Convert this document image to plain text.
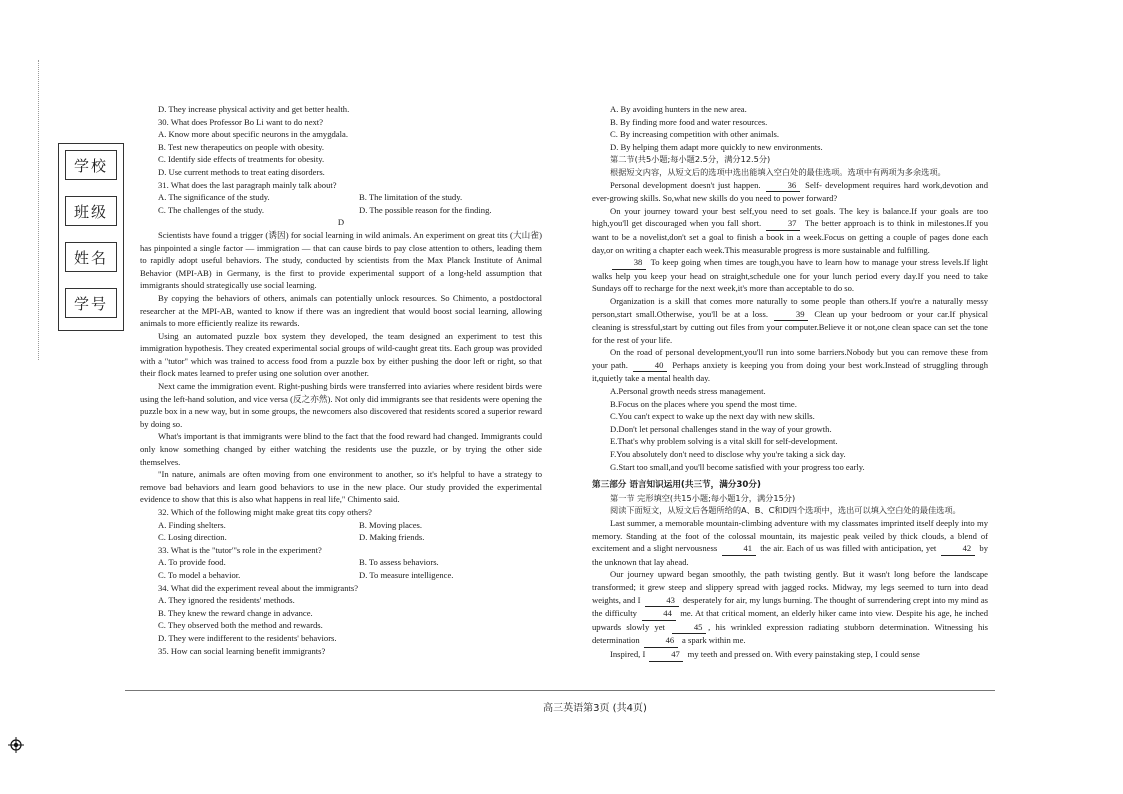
学校
班级
姓名
学号
D. They increase physical activity and get better health.
30. What does Professor Bo Li want to do next?
A. Know more about specific neurons in the amygdala.
B. Test new therapeutics on people with obesity.
C. Identify side effects of treatments for obesity.
D. Use current methods to treat eating disorders.
31. What does the last paragraph mainly talk about?
A. The significance of the study.	B. The limitation of the study.
C. The challenges of the study.	D. The possible reason for the finding.
D
Scientists have found a trigger (诱因) for social learning in wild animals. An experiment on great tits (大山雀) has pinpointed a single factor — immigration — that can cause birds to pay close attention to others, leading them to rapidly adopt useful behaviors. The study, conducted by scientists from the Max Planck Institute of Animal Behavior (MPI-AB) in Germany, is the first to provide experimental support of a long-held assumption that immigrants should strategically use social learning.
By copying the behaviors of others, animals can potentially unlock resources. So Chimento, a postdoctoral researcher at the MPI-AB, wanted to know if there was an ingredient that would boost social learning, allowing animals to more efficiently realize its rewards.
Using an automated puzzle box system they developed, the team designed an experiment to test this immigration hypothesis. They created experimental social groups of wild-caught great tits. Each group was provided with a "tutor" which was trained to access food from a puzzle box by either pushing the door left or right, so that their flock mates learned to prefer using one solution over another.
Next came the immigration event. Right-pushing birds were transferred into aviaries where resident birds were using the left-hand solution, and vice versa (反之亦然). Not only did immigrants see that residents were opening the puzzle box in a new way, but in some groups, the newcomers also discovered that residents scored a superior reward by doing so.
What's important is that immigrants were blind to the fact that the food reward had changed. Immigrants could only know something changed by either watching the residents use the puzzle, or by trying the other side themselves.
"In nature, animals are often moving from one environment to another, so it's helpful to have a strategy to remove bad behaviors and learn good behaviors to use in the new place. Our study provided the experimental evidence to show that this is also what happens in real life," Chimento said.
32. Which of the following might make great tits copy others?
A. Finding shelters.	B. Moving places.
C. Losing direction.	D. Making friends.
33. What is the "tutor"'s role in the experiment?
A. To provide food.	B. To assess behaviors.
C. To model a behavior.	D. To measure intelligence.
34. What did the experiment reveal about the immigrants?
A. They ignored the residents' methods.
B. They knew the reward change in advance.
C. They observed both the method and rewards.
D. They were indifferent to the residents' behaviors.
35. How can social learning benefit immigrants?
A. By avoiding hunters in the new area.
B. By finding more food and water resources.
C. By increasing competition with other animals.
D. By helping them adapt more quickly to new environments.
第二节(共5小题;每小题2.5分，满分12.5分)
根据短文内容，从短文后的选项中选出能填入空白处的最佳选项。选项中有两项为多余选项。
Personal development doesn't just happen.	36 Self- development requires hard work,devotion and ever-growing skills. So,what new skills do you need to power forward?
On your journey toward your best self,you need to set goals. The key is balance.If your goals are too high,you'll get discouraged when you fall short.	37 The better approach is to think in milestones.If you want to be a novelist,don't set a goal to finish a book in a week.Focus on getting a couple of pages done each day,or on writing a chapter each week.This measurable progress is more sustainable and fulfilling.
38 To keep going when times are tough,you have to learn how to manage your stress levels.If light walks help you keep your head on straight,schedule one for your lunch period every day.If you need to take Sundays off to recharge for the next week,it's more than acceptable to do so.
Organization is a skill that comes more naturally to some people than others.If you're a naturally messy person,start small.Otherwise, you'll be at a loss.	39 Clean up your bedroom or your car.If physical cleaning is stressful,start by cutting out files from your computer.Believe it or not,one clean space can set the tone for the rest of your life.
On the road of personal development,you'll run into some barriers.Nobody but you can remove these from your path.	40 Perhaps anxiety is keeping you from doing your best work.Instead of struggling through it,quietly take a mental health day.
A.Personal growth needs stress management.
B.Focus on the places where you spend the most time.
C.You can't expect to wake up the next day with new skills.
D.Don't let personal challenges stand in the way of your growth.
E.That's why problem solving is a vital skill for self-development.
F.You absolutely don't need to disclose why you're taking a sick day.
G.Start too small,and you'll become satisfied with your progress too early.
第三部分 语言知识运用(共三节，满分30分)
第一节 完形填空(共15小题;每小题1分，满分15分)
阅读下面短文，从短文后各题所给的A、B、C和D四个选项中，选出可以填入空白处的最佳选项。
Last summer, a memorable mountain-climbing adventure with my classmates imprinted itself deeply into my memory. Standing at the foot of the colossal mountain, its majestic peak veiled by thick clouds, a blend of excitement and a slight nervousness	41 the air. Each of us was filled with anticipation, yet	42 by the unknown that lay ahead.
Our journey upward began smoothly, the path twisting gently. But it wasn't long before the landscape transformed; it grew steep and slippery spread with jagged rocks. Midway, my legs seemed to turn into dead weights, and I	43 desperately for air, my lungs burning. The thought of surrendering crept into my mind as the difficulty	44 me. At that critical moment, an elderly hiker came into view. Despite his age, he inched upwards slowly yet	45 , his wrinkled expression radiating stubborn determination. Witnessing his determination	46 a spark within me.
Inspired, I	47 my teeth and pressed on. With every painstaking step, I could sense
高三英语第3页 (共4页)
